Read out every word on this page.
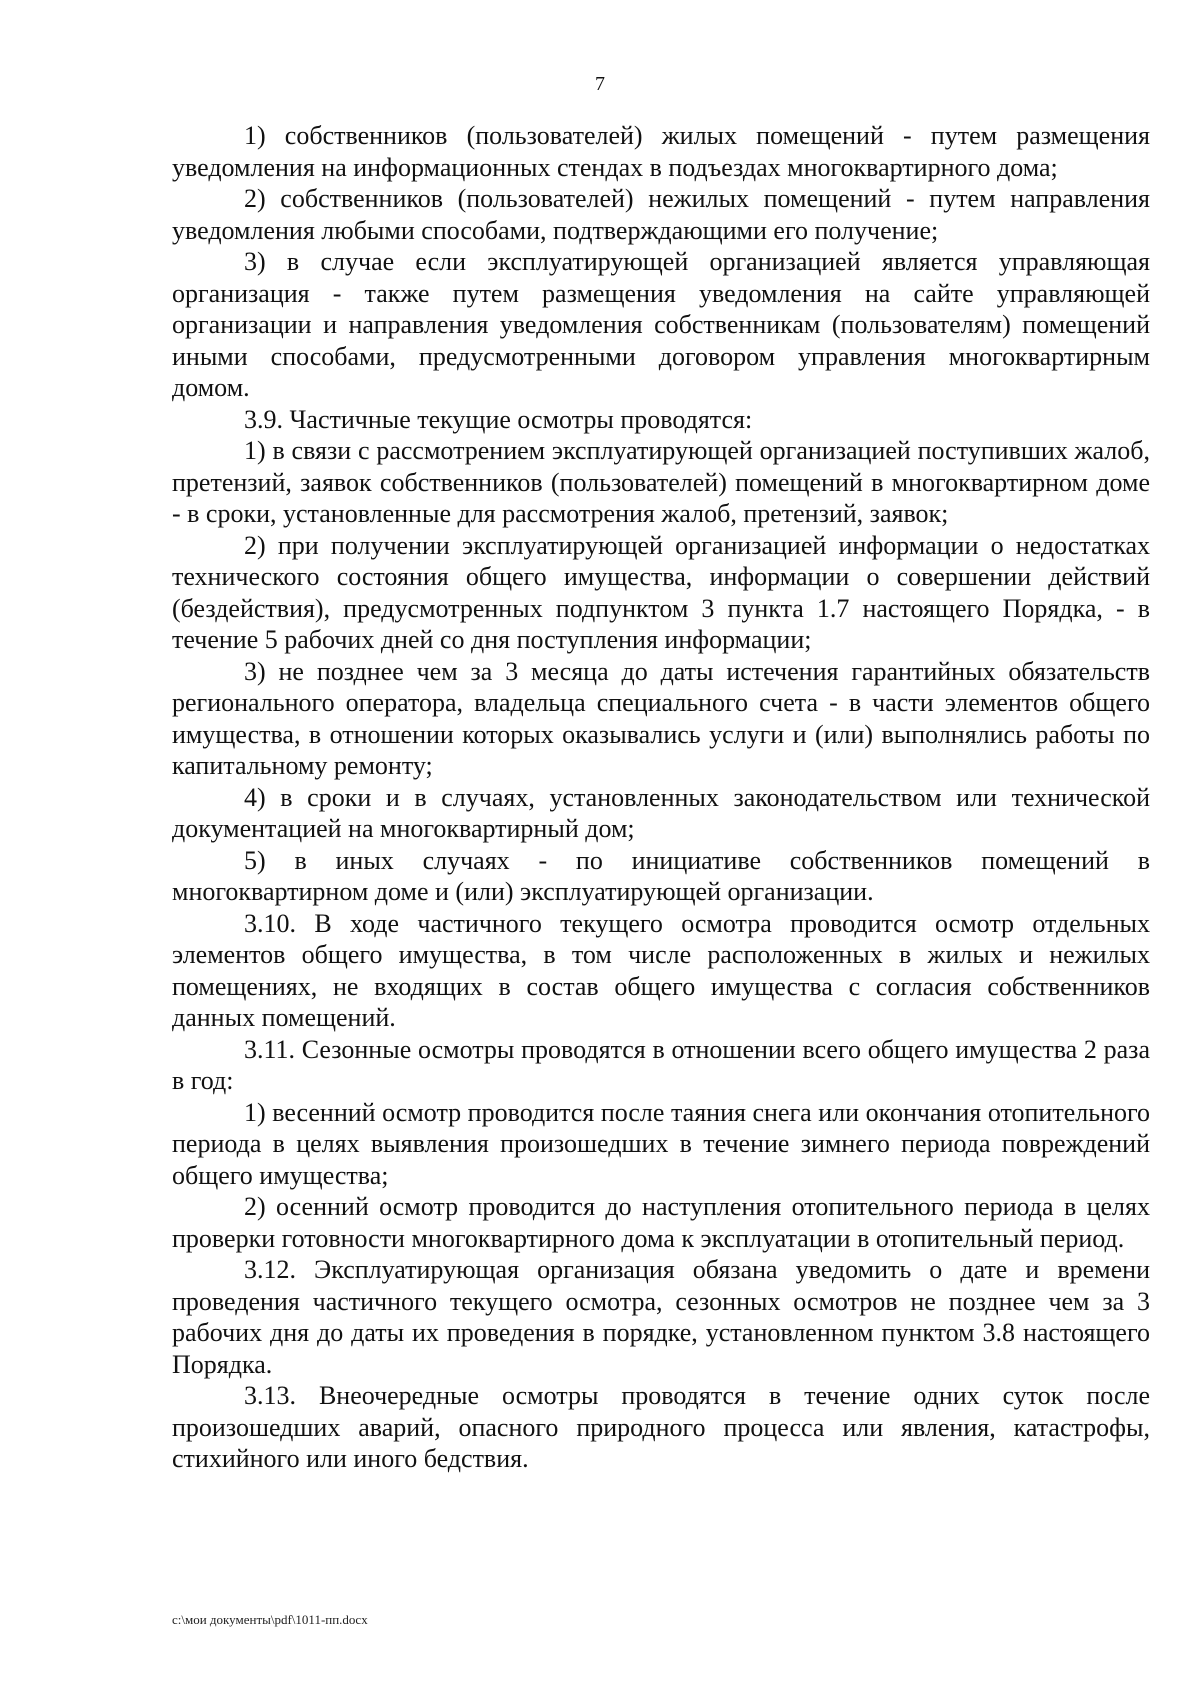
7

1) собственников (пользователей) жилых помещений - путем размещения уведомления на информационных стендах в подъездах многоквартирного дома;

2) собственников (пользователей) нежилых помещений - путем направления уведомления любыми способами, подтверждающими его получение;

3) в случае если эксплуатирующей организацией является управляющая организация - также путем размещения уведомления на сайте управляющей организации и направления уведомления собственникам (пользователям) помещений иными способами, предусмотренными договором управления многоквартирным домом.

3.9. Частичные текущие осмотры проводятся:

1) в связи с рассмотрением эксплуатирующей организацией поступивших жалоб, претензий, заявок собственников (пользователей) помещений в многоквартирном доме - в сроки, установленные для рассмотрения жалоб, претензий, заявок;

2) при получении эксплуатирующей организацией информации о недостатках технического состояния общего имущества, информации о совершении действий (бездействия), предусмотренных подпунктом 3 пункта 1.7 настоящего Порядка, - в течение 5 рабочих дней со дня поступления информации;

3) не позднее чем за 3 месяца до даты истечения гарантийных обязательств регионального оператора, владельца специального счета - в части элементов общего имущества, в отношении которых оказывались услуги и (или) выполнялись работы по капитальному ремонту;

4) в сроки и в случаях, установленных законодательством или технической документацией на многоквартирный дом;

5) в иных случаях - по инициативе собственников помещений в многоквартирном доме и (или) эксплуатирующей организации.

3.10. В ходе частичного текущего осмотра проводится осмотр отдельных элементов общего имущества, в том числе расположенных в жилых и нежилых помещениях, не входящих в состав общего имущества с согласия собственников данных помещений.

3.11. Сезонные осмотры проводятся в отношении всего общего имущества 2 раза в год:

1) весенний осмотр проводится после таяния снега или окончания отопительного периода в целях выявления произошедших в течение зимнего периода повреждений общего имущества;

2) осенний осмотр проводится до наступления отопительного периода в целях проверки готовности многоквартирного дома к эксплуатации в отопительный период.

3.12. Эксплуатирующая организация обязана уведомить о дате и времени проведения частичного текущего осмотра, сезонных осмотров не позднее чем за 3 рабочих дня до даты их проведения в порядке, установленном пунктом 3.8 настоящего Порядка.

3.13. Внеочередные осмотры проводятся в течение одних суток после произошедших аварий, опасного природного процесса или явления, катастрофы, стихийного или иного бедствия.

c:\мои документы\pdf\1011-пп.docx
